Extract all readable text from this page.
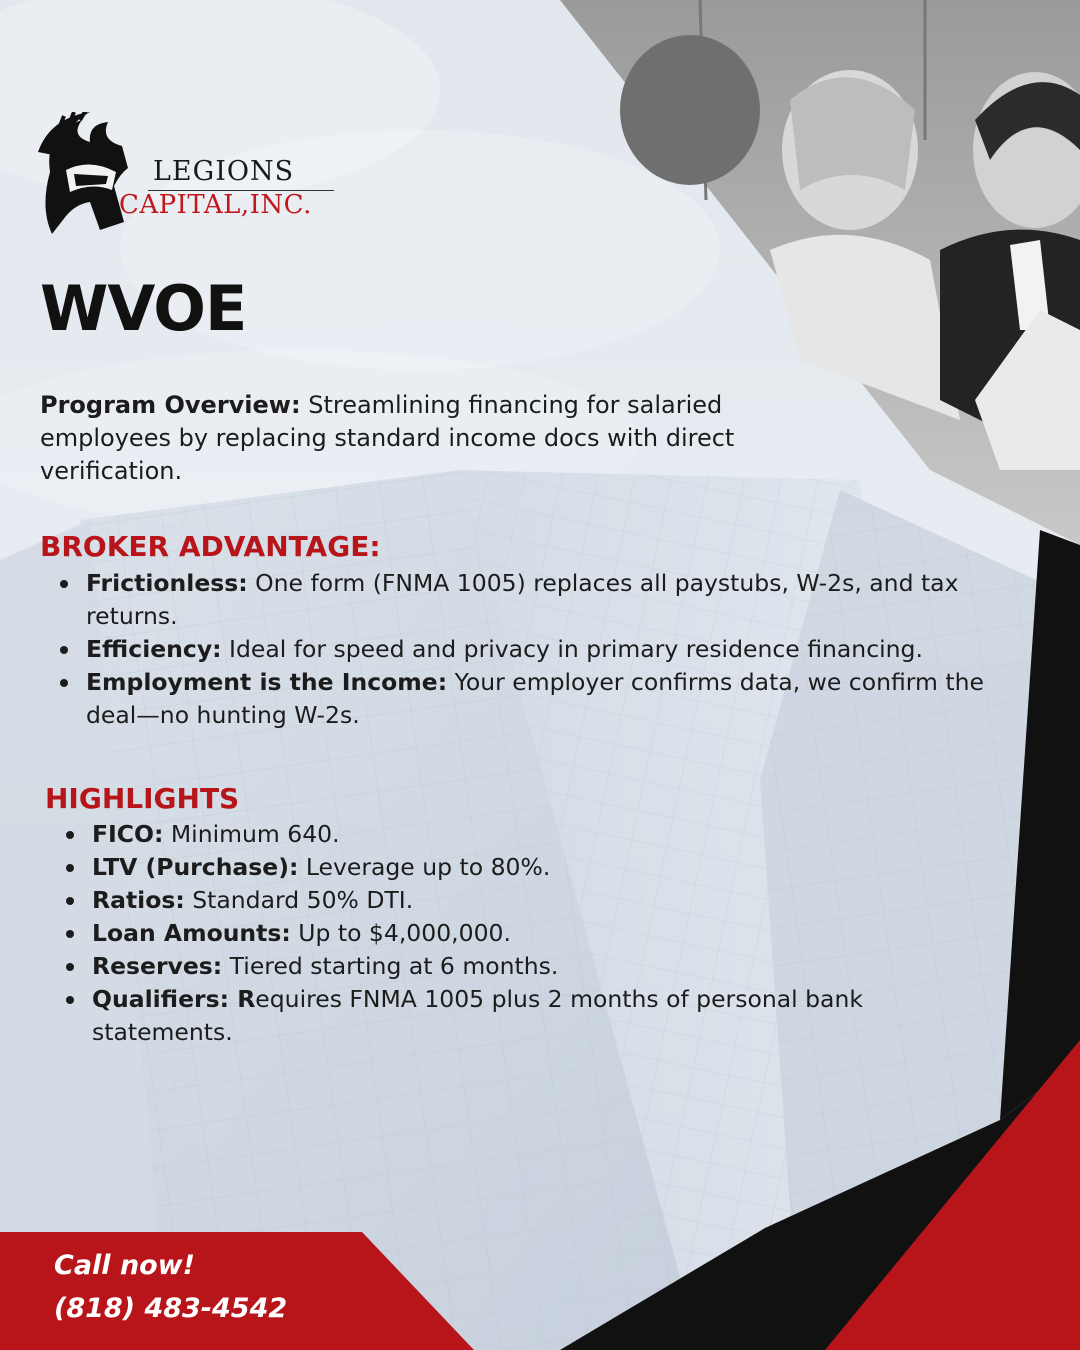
LEGIONS
CAPITAL,INC.
WVOE

Program Overview: Streamlining financing for salaried employees by replacing standard income docs with direct verification.

BROKER ADVANTAGE:
Frictionless: One form (FNMA 1005) replaces all paystubs, W-2s, and tax returns.
Efficiency: Ideal for speed and privacy in primary residence financing.
Employment is the Income: Your employer confirms data, we confirm the deal—no hunting W-2s.
HIGHLIGHTS
FICO: Minimum 640.
LTV (Purchase): Leverage up to 80%.
Ratios: Standard 50% DTI.
Loan Amounts: Up to $4,000,000.
Reserves: Tiered starting at 6 months.
Qualifiers: Requires FNMA 1005 plus 2 months of personal bank statements.
Call now!
(818) 483-4542
